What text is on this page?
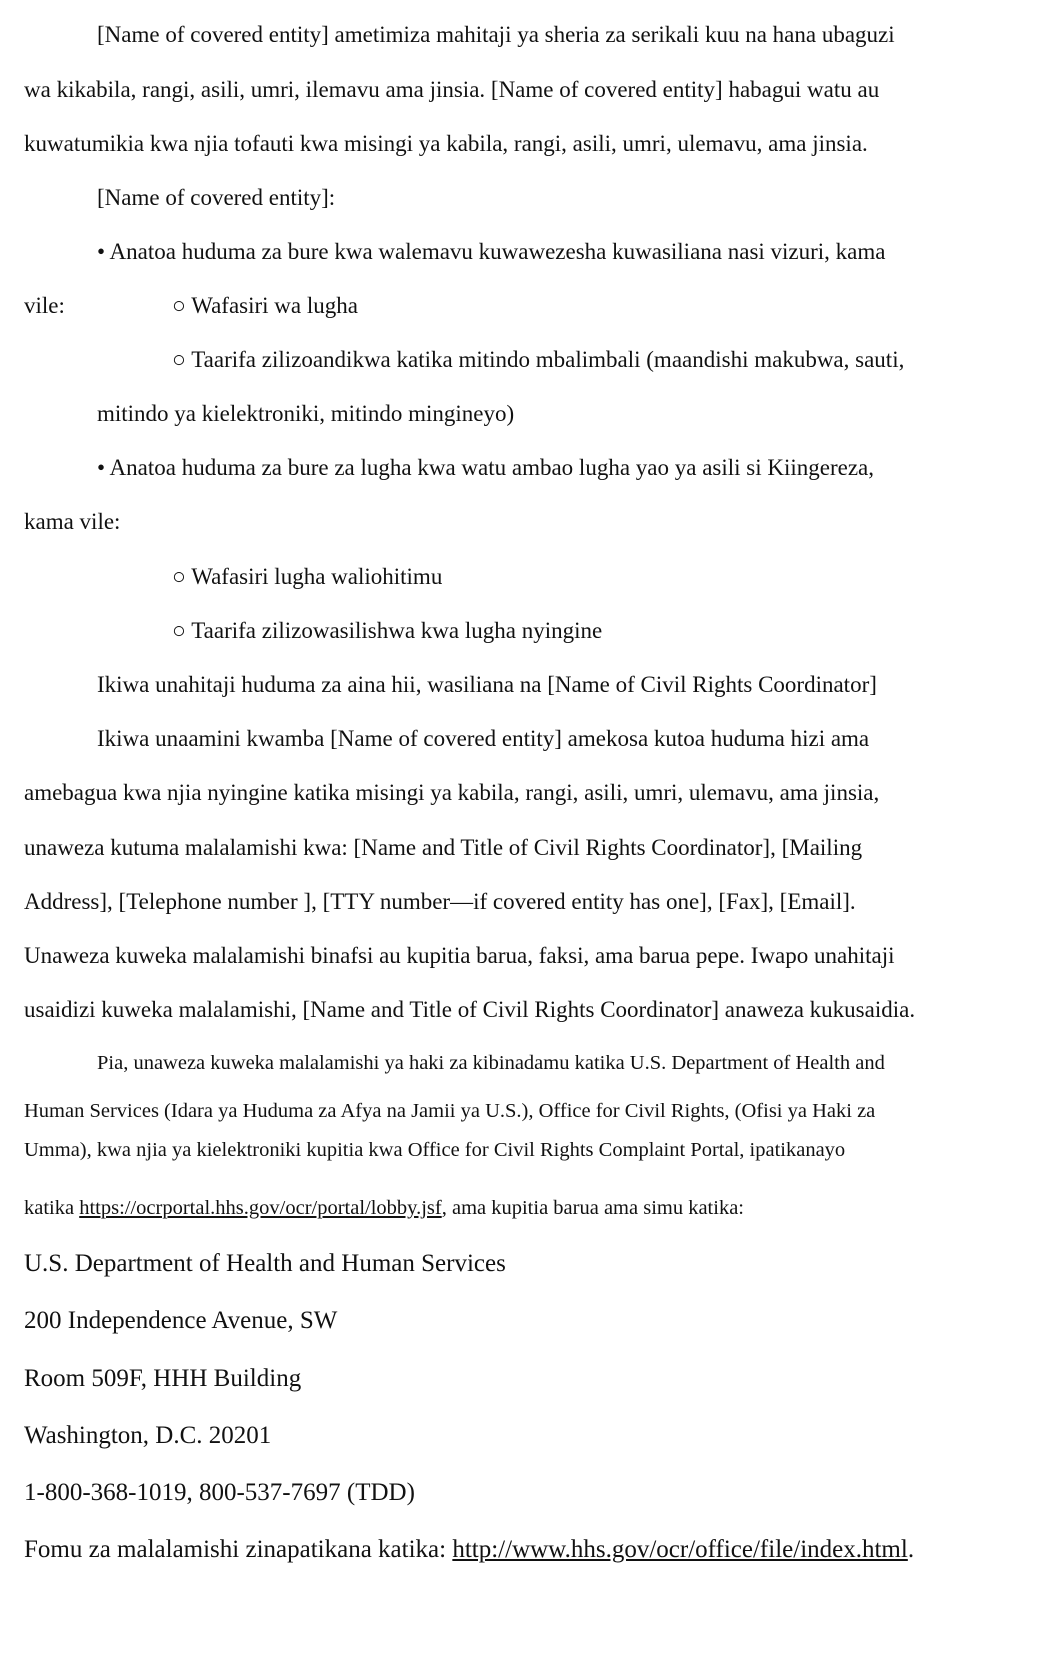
[Name of covered entity] ametimiza mahitaji ya sheria za serikali kuu na hana ubaguzi
wa kikabila, rangi, asili, umri, ilemavu ama jinsia. [Name of covered entity] habagui watu au
kuwatumikia kwa njia tofauti kwa misingi ya kabila, rangi, asili, umri, ulemavu, ama jinsia.
[Name of covered entity]:
• Anatoa huduma za bure kwa walemavu kuwawezesha kuwasiliana nasi vizuri, kama
vile:	○ Wafasiri wa lugha
○ Taarifa zilizoandikwa katika mitindo mbalimbali (maandishi makubwa, sauti,
mitindo ya kielektroniki, mitindo mingineyo)
• Anatoa huduma za bure za lugha kwa watu ambao lugha yao ya asili si Kiingereza,
kama vile:
○ Wafasiri lugha waliohitimu
○ Taarifa zilizowasilishwa kwa lugha nyingine
Ikiwa unahitaji huduma za aina hii, wasiliana na [Name of Civil Rights Coordinator]
Ikiwa unaamini kwamba [Name of covered entity] amekosa kutoa huduma hizi ama
amebagua kwa njia nyingine katika misingi ya kabila, rangi, asili, umri, ulemavu, ama jinsia,
unaweza kutuma malalamishi kwa: [Name and Title of Civil Rights Coordinator], [Mailing
Address], [Telephone number ], [TTY number—if covered entity has one], [Fax], [Email].
Unaweza kuweka malalamishi binafsi au kupitia barua, faksi, ama barua pepe. Iwapo unahitaji
usaidizi kuweka malalamishi, [Name and Title of Civil Rights Coordinator] anaweza kukusaidia.
Pia, unaweza kuweka malalamishi ya haki za kibinadamu katika U.S. Department of Health and
Human Services (Idara ya Huduma za Afya na Jamii ya U.S.), Office for Civil Rights, (Ofisi ya Haki za
Umma), kwa njia ya kielektroniki kupitia kwa Office for Civil Rights Complaint Portal, ipatikanayo
katika https://ocrportal.hhs.gov/ocr/portal/lobby.jsf, ama kupitia barua ama simu katika:
U.S. Department of Health and Human Services
200 Independence Avenue, SW
Room 509F, HHH Building
Washington, D.C. 20201
1-800-368-1019, 800-537-7697 (TDD)
Fomu za malalamishi zinapatikana katika: http://www.hhs.gov/ocr/office/file/index.html.
